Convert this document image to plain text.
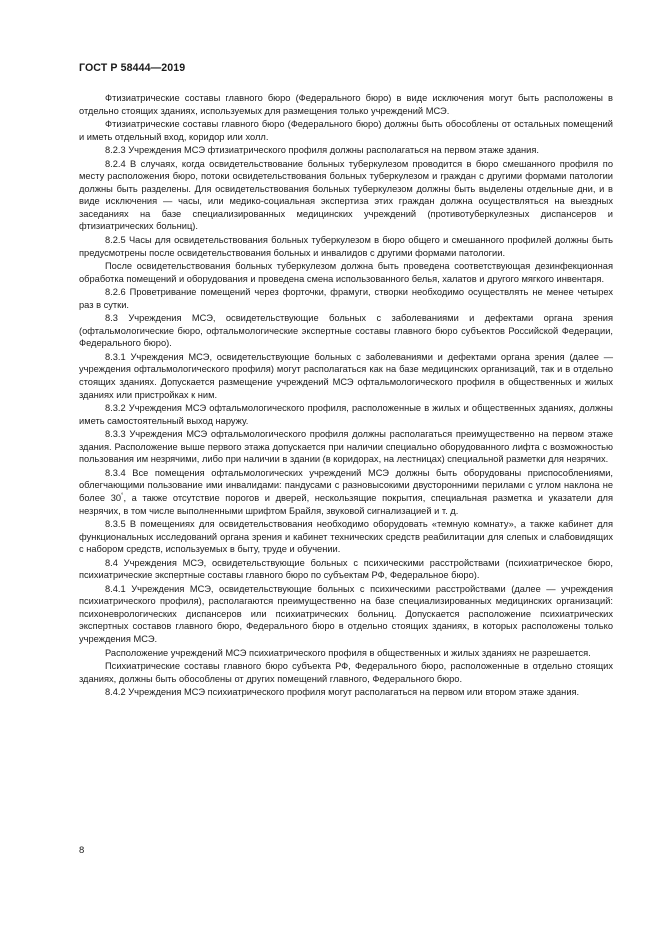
ГОСТ Р 58444—2019

Фтизиатрические составы главного бюро (Федерального бюро) в виде исключения могут быть расположены в отдельно стоящих зданиях, используемых для размещения только учреждений МСЭ.

Фтизиатрические составы главного бюро (Федерального бюро) должны быть обособлены от остальных помещений и иметь отдельный вход, коридор или холл.

8.2.3 Учреждения МСЭ фтизиатрического профиля должны располагаться на первом этаже здания.

8.2.4 В случаях, когда освидетельствование больных туберкулезом проводится в бюро смешанного профиля по месту расположения бюро, потоки освидетельствования больных туберкулезом и граждан с другими формами патологии должны быть разделены. Для освидетельствования больных туберкулезом должны быть выделены отдельные дни, и в виде исключения — часы, или медико-социальная экспертиза этих граждан должна осуществляться на выездных заседаниях на базе специализированных медицинских учреждений (противотуберкулезных диспансеров и фтизиатрических больниц).

8.2.5 Часы для освидетельствования больных туберкулезом в бюро общего и смешанного профилей должны быть предусмотрены после освидетельствования больных и инвалидов с другими формами патологии.

После освидетельствования больных туберкулезом должна быть проведена соответствующая дезинфекционная обработка помещений и оборудования и проведена смена использованного белья, халатов и другого мягкого инвентаря.

8.2.6 Проветривание помещений через форточки, фрамуги, створки необходимо осуществлять не менее четырех раз в сутки.

8.3 Учреждения МСЭ, освидетельствующие больных с заболеваниями и дефектами органа зрения (офтальмологические бюро, офтальмологические экспертные составы главного бюро субъектов Российской Федерации, Федерального бюро).

8.3.1 Учреждения МСЭ, освидетельствующие больных с заболеваниями и дефектами органа зрения (далее — учреждения офтальмологического профиля) могут располагаться как на базе медицинских организаций, так и в отдельно стоящих зданиях. Допускается размещение учреждений МСЭ офтальмологического профиля в общественных и жилых зданиях или пристройках к ним.

8.3.2 Учреждения МСЭ офтальмологического профиля, расположенные в жилых и общественных зданиях, должны иметь самостоятельный выход наружу.

8.3.3 Учреждения МСЭ офтальмологического профиля должны располагаться преимущественно на первом этаже здания. Расположение выше первого этажа допускается при наличии специально оборудованного лифта с возможностью пользования им незрячими, либо при наличии в здании (в коридорах, на лестницах) специальной разметки для незрячих.

8.3.4 Все помещения офтальмологических учреждений МСЭ должны быть оборудованы приспособлениями, облегчающими пользование ими инвалидами: пандусами с разновысокими двусторонними перилами с углом наклона не более 30°, а также отсутствие порогов и дверей, нескользящие покрытия, специальная разметка и указатели для незрячих, в том числе выполненными шрифтом Брайля, звуковой сигнализацией и т. д.

8.3.5 В помещениях для освидетельствования необходимо оборудовать «темную комнату», а также кабинет для функциональных исследований органа зрения и кабинет технических средств реабилитации для слепых и слабовидящих с набором средств, используемых в быту, труде и обучении.

8.4 Учреждения МСЭ, освидетельствующие больных с психическими расстройствами (психиатрическое бюро, психиатрические экспертные составы главного бюро по субъектам РФ, Федеральное бюро).

8.4.1 Учреждения МСЭ, освидетельствующие больных с психическими расстройствами (далее — учреждения психиатрического профиля), располагаются преимущественно на базе специализированных медицинских организаций: психоневрологических диспансеров или психиатрических больниц. Допускается расположение психиатрических экспертных составов главного бюро, Федерального бюро в отдельно стоящих зданиях, в которых расположены только учреждения МСЭ.

Расположение учреждений МСЭ психиатрического профиля в общественных и жилых зданиях не разрешается.

Психиатрические составы главного бюро субъекта РФ, Федерального бюро, расположенные в отдельно стоящих зданиях, должны быть обособлены от других помещений главного, Федерального бюро.

8.4.2 Учреждения МСЭ психиатрического профиля могут располагаться на первом или втором этаже здания.

8
